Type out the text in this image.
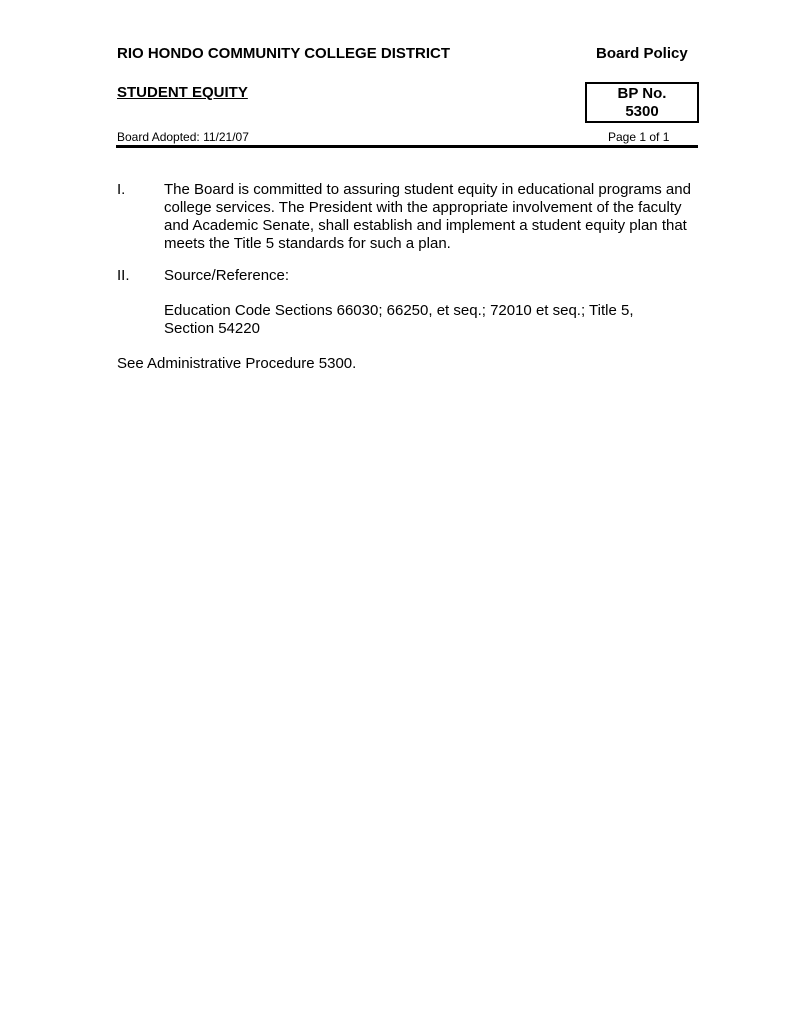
RIO HONDO COMMUNITY COLLEGE DISTRICT	Board Policy
STUDENT EQUITY	BP No.
5300
Board Adopted: 11/21/07	Page 1 of 1
I.	The Board is committed to assuring student equity in educational programs and college services. The President with the appropriate involvement of the faculty and Academic Senate, shall establish and implement a student equity plan that meets the Title 5 standards for such a plan.
II. Source/Reference:
Education Code Sections 66030; 66250, et seq.; 72010 et seq.; Title 5, Section 54220
See Administrative Procedure 5300.
